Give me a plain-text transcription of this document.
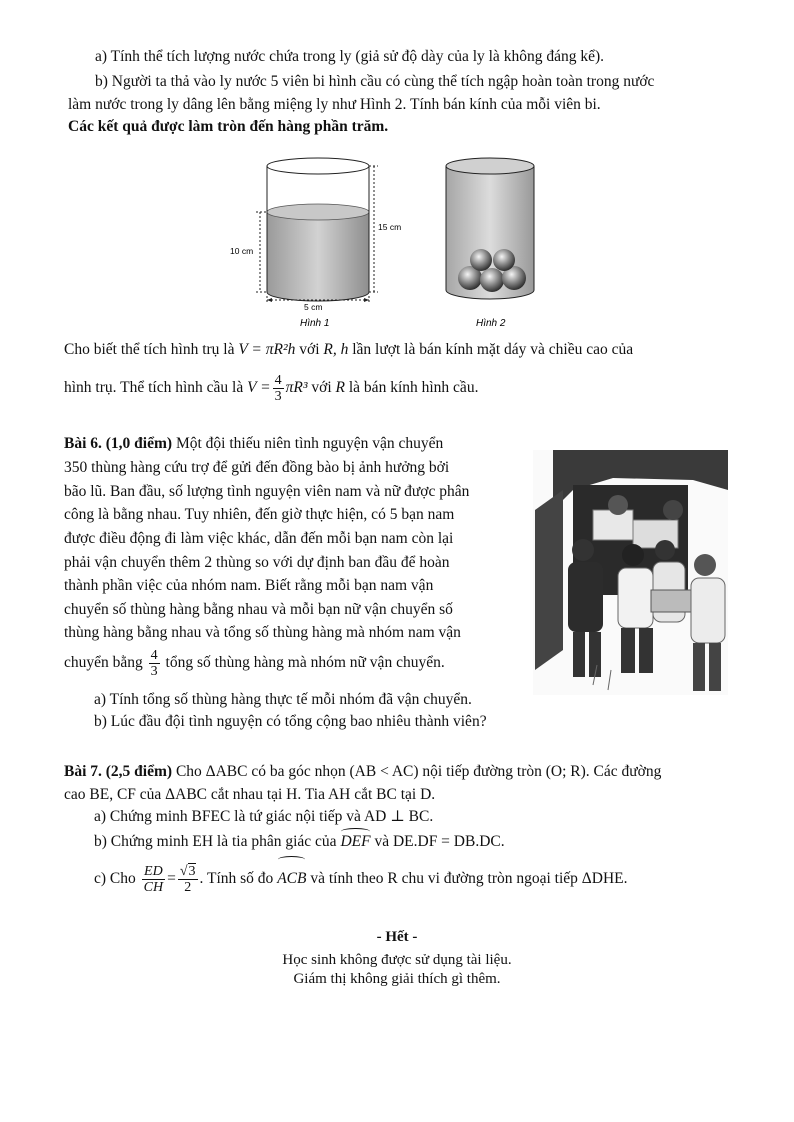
a) Tính thể tích lượng nước chứa trong ly (giả sử độ dày của ly là không đáng kể).
b) Người ta thả vào ly nước 5 viên bi hình cầu có cùng thể tích ngập hoàn toàn trong nước
làm nước trong ly dâng lên bằng miệng ly như Hình 2. Tính bán kính của mỗi viên bi.
Các kết quả được làm tròn đến hàng phần trăm.
10 cm
15 cm
5 cm
Hình 1	Hình 2
Cho biết thể tích hình trụ là V = πR²h với R, h lần lượt là bán kính mặt dáy và chiều cao của
hình trụ. Thể tích hình cầu là $V = \frac{4}{3} \pi R^3$ với R là bán kính hình cầu.
Bài 6. (1,0 điểm) Một đội thiếu niên tình nguyện vận chuyển
350 thùng hàng cứu trợ để gửi đến đồng bào bị ảnh hưởng bởi
bão lũ. Ban đầu, số lượng tình nguyện viên nam và nữ được phân
công là bằng nhau. Tuy nhiên, đến giờ thực hiện, có 5 bạn nam
được điều động đi làm việc khác, dẫn đến mỗi bạn nam còn lại
phải vận chuyển thêm 2 thùng so với dự định ban đầu để hoàn
thành phần việc của nhóm nam. Biết rằng mỗi bạn nam vận
chuyển số thùng hàng bằng nhau và mỗi bạn nữ vận chuyển số
thùng hàng bằng nhau và tổng số thùng hàng mà nhóm nam vận
chuyển bằng $\frac{4}{3}$ tổng số thùng hàng mà nhóm nữ vận chuyển.
a) Tính tổng số thùng hàng thực tế mỗi nhóm đã vận chuyển.
b) Lúc đầu đội tình nguyện có tổng cộng bao nhiêu thành viên?
Bài 7. (2,5 điểm) Cho ΔABC có ba góc nhọn (AB < AC) nội tiếp đường tròn (O; R). Các đường
cao BE, CF của ΔABC cắt nhau tại H. Tia AH cắt BC tại D.
a) Chứng minh BFEC là tứ giác nội tiếp và AD ⊥ BC.
b) Chứng minh EH là tia phân giác của DEF và DE.DF = DB.DC.
c) Cho $\frac{ED}{CH} = \frac{√3}{2}$ . Tính số đo ACB và tính theo R chu vi đường tròn ngoại tiếp ΔDHE.
- Hết -
Học sinh không được sử dụng tài liệu.
Giám thị không giải thích gì thêm.
